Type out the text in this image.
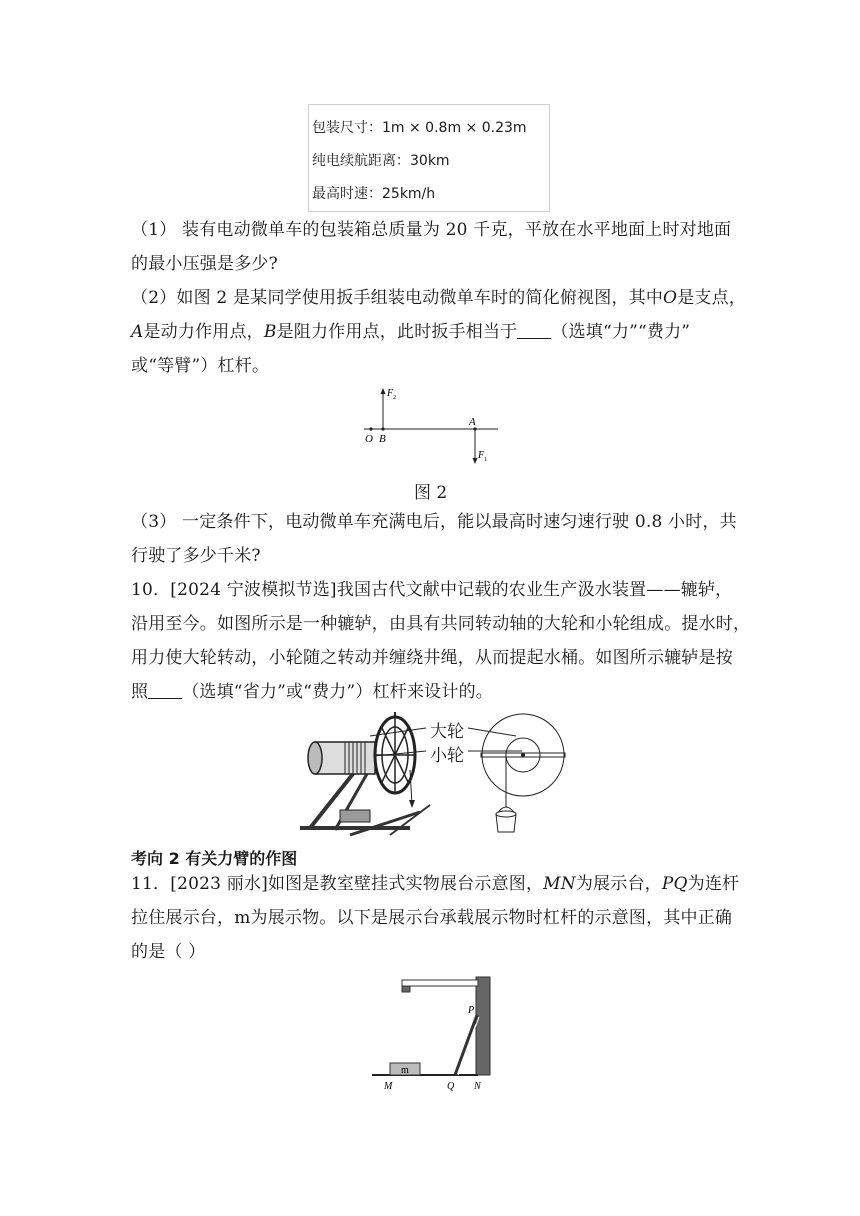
包装尺寸：1m × 0.8m × 0.23m
纯电续航距离：30km
最高时速：25km/h
（1） 装有电动微单车的包装箱总质量为 20 千克，平放在水平地面上时对地面
的最小压强是多少?
（2）如图 2 是某同学使用扳手组装电动微单车时的简化俯视图，其中O是支点，
A是动力作用点，B是阻力作用点，此时扳手相当于 （选填“力”“费力”
或“等臂”）杠杆。
O B
A
F 2
F 1
图 2
（3） 一定条件下，电动微单车充满电后，能以最高时速匀速行驶 0.8 小时，共
行驶了多少千米?
10．[2024 宁波模拟节选]我国古代文献中记载的农业生产汲水装置——辘轳，
沿用至今。如图所示是一种辘轳，由具有共同转动轴的大轮和小轮组成。提水时，
用力使大轮转动，小轮随之转动并缠绕井绳，从而提起水桶。如图所示辘轳是按
照 （选填“省力”或“费力”）杠杆来设计的。
大轮
小轮
考向 2 有关力臂的作图
11．[2023 丽水]如图是教室壁挂式实物展台示意图，MN为展示台，PQ为连杆
拉住展示台，m为展示物。以下是展示台承载展示物时杠杆的示意图，其中正确
的是（ ）
m
M	Q N
P
